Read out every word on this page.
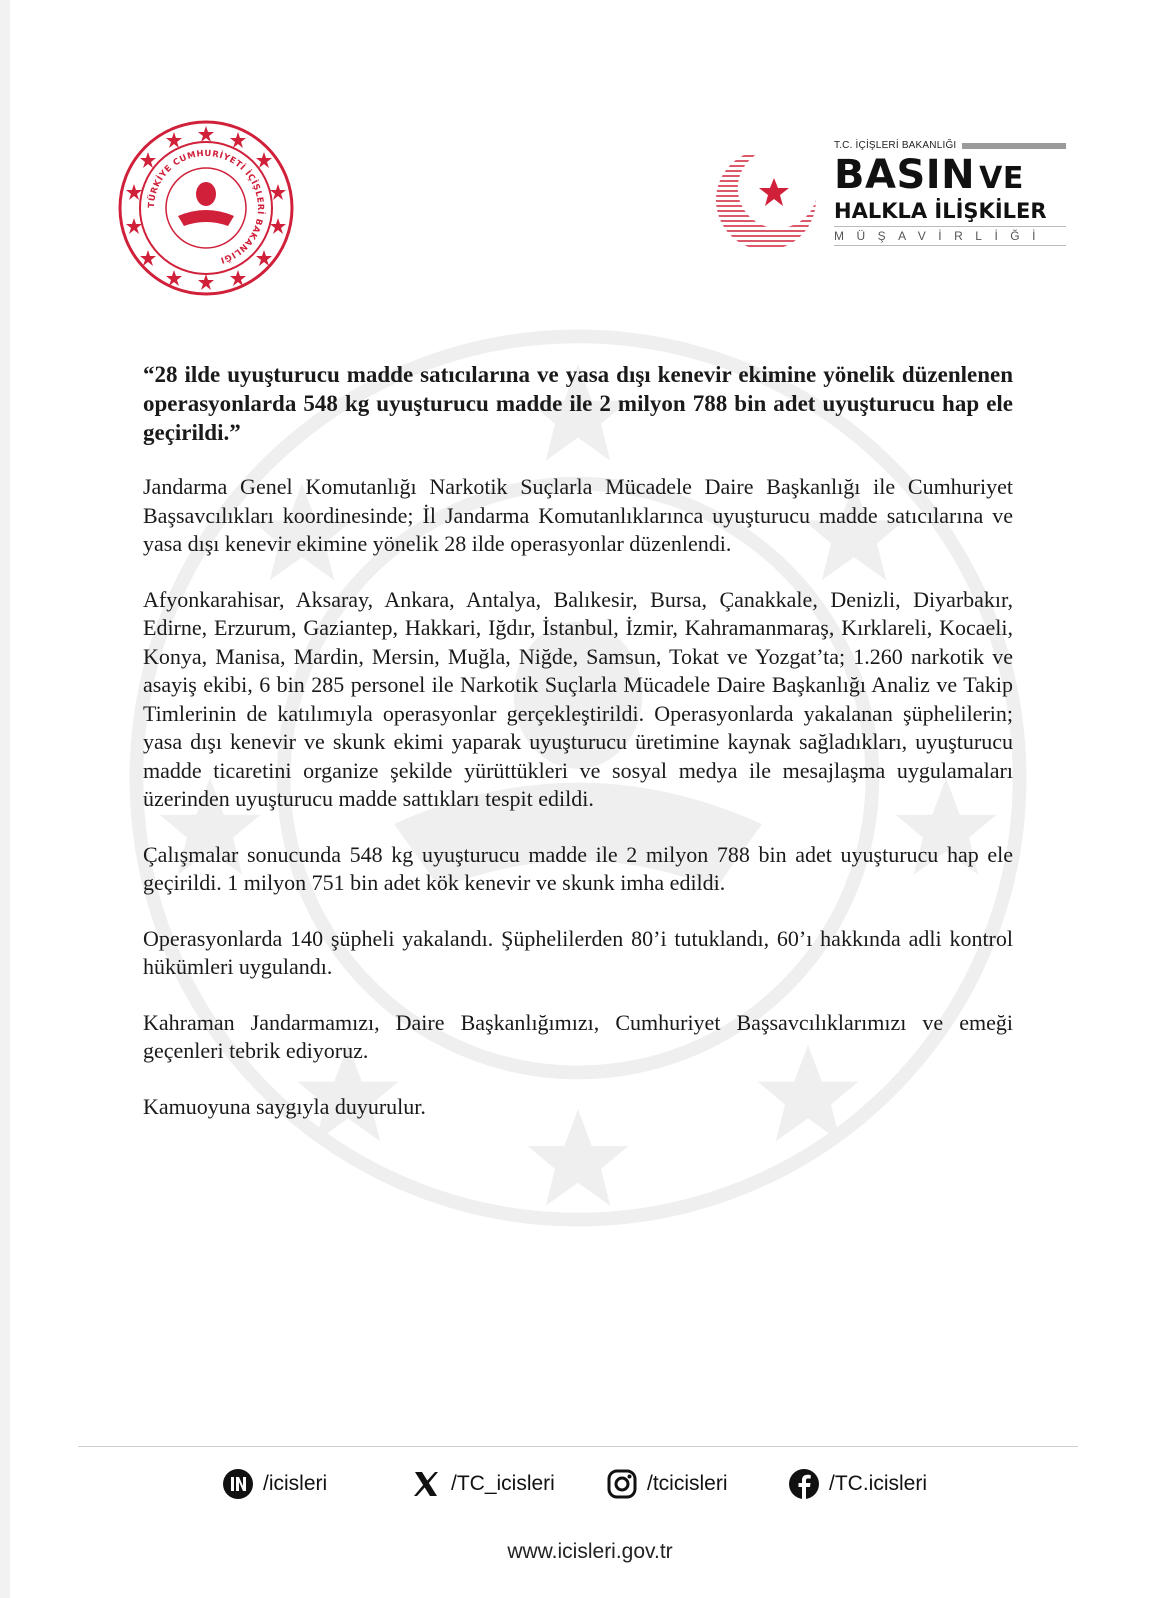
TÜRKİYE CUMHURİYETİ İÇİŞLERİ BAKANLIĞI
T.C. İÇİŞLERİ BAKANLIĞI
BASIN VE
HALKLA İLİŞKİLER
MÜŞAVİRLİĞİ

“28 ilde uyuşturucu madde satıcılarına ve yasa dışı kenevir ekimine yönelik düzenlenen operasyonlarda 548 kg uyuşturucu madde ile 2 milyon 788 bin adet uyuşturucu hap ele geçirildi.”

Jandarma Genel Komutanlığı Narkotik Suçlarla Mücadele Daire Başkanlığı ile Cumhuriyet Başsavcılıkları koordinesinde; İl Jandarma Komutanlıklarınca uyuşturucu madde satıcılarına ve yasa dışı kenevir ekimine yönelik 28 ilde operasyonlar düzenlendi.

Afyonkarahisar, Aksaray, Ankara, Antalya, Balıkesir, Bursa, Çanakkale, Denizli, Diyarbakır, Edirne, Erzurum, Gaziantep, Hakkari, Iğdır, İstanbul, İzmir, Kahramanmaraş, Kırklareli, Kocaeli, Konya, Manisa, Mardin, Mersin, Muğla, Niğde, Samsun, Tokat ve Yozgat’ta; 1.260 narkotik ve asayiş ekibi, 6 bin 285 personel ile Narkotik Suçlarla Mücadele Daire Başkanlığı Analiz ve Takip Timlerinin de katılımıyla operasyonlar gerçekleştirildi. Operasyonlarda yakalanan şüphelilerin; yasa dışı kenevir ve skunk ekimi yaparak uyuşturucu üretimine kaynak sağladıkları, uyuşturucu madde ticaretini organize şekilde yürüttükleri ve sosyal medya ile mesajlaşma uygulamaları üzerinden uyuşturucu madde sattıkları tespit edildi.

Çalışmalar sonucunda 548 kg uyuşturucu madde ile 2 milyon 788 bin adet uyuşturucu hap ele geçirildi. 1 milyon 751 bin adet kök kenevir ve skunk imha edildi.

Operasyonlarda 140 şüpheli yakalandı. Şüphelilerden 80’i tutuklandı, 60’ı hakkında adli kontrol hükümleri uygulandı.

Kahraman Jandarmamızı, Daire Başkanlığımızı, Cumhuriyet Başsavcılıklarımızı ve emeği geçenleri tebrik ediyoruz.

Kamuoyuna saygıyla duyurulur.

/icisleri	/TC_icisleri	/tcicisleri	/TC.icisleri
www.icisleri.gov.tr
